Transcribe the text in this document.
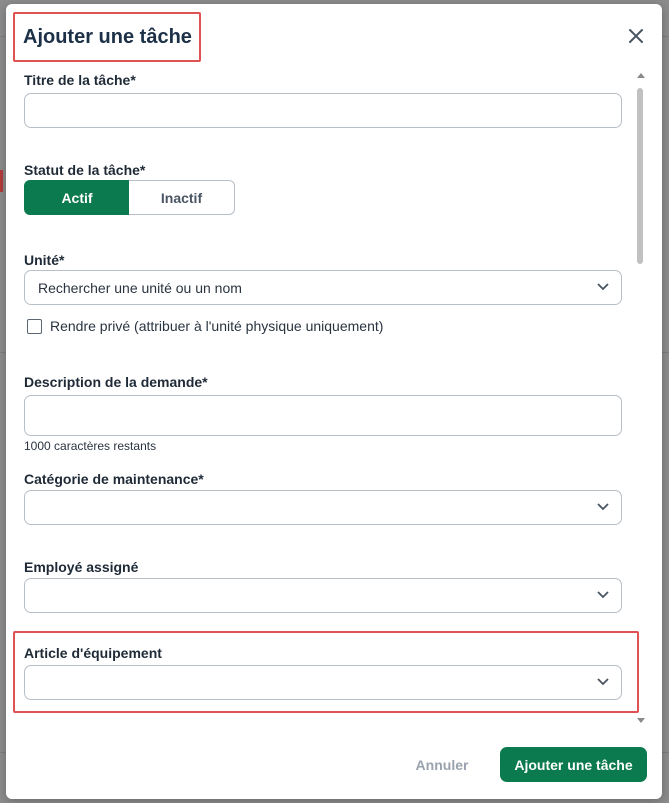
Ajouter une tâche
Titre de la tâche*
Statut de la tâche*
Actif	Inactif
Unité*
Rechercher une unité ou un nom
Rendre privé (attribuer à l'unité physique uniquement)
Description de la demande*
1000 caractères restants
Catégorie de maintenance*
Employé assigné
Article d'équipement
Annuler	Ajouter une tâche
